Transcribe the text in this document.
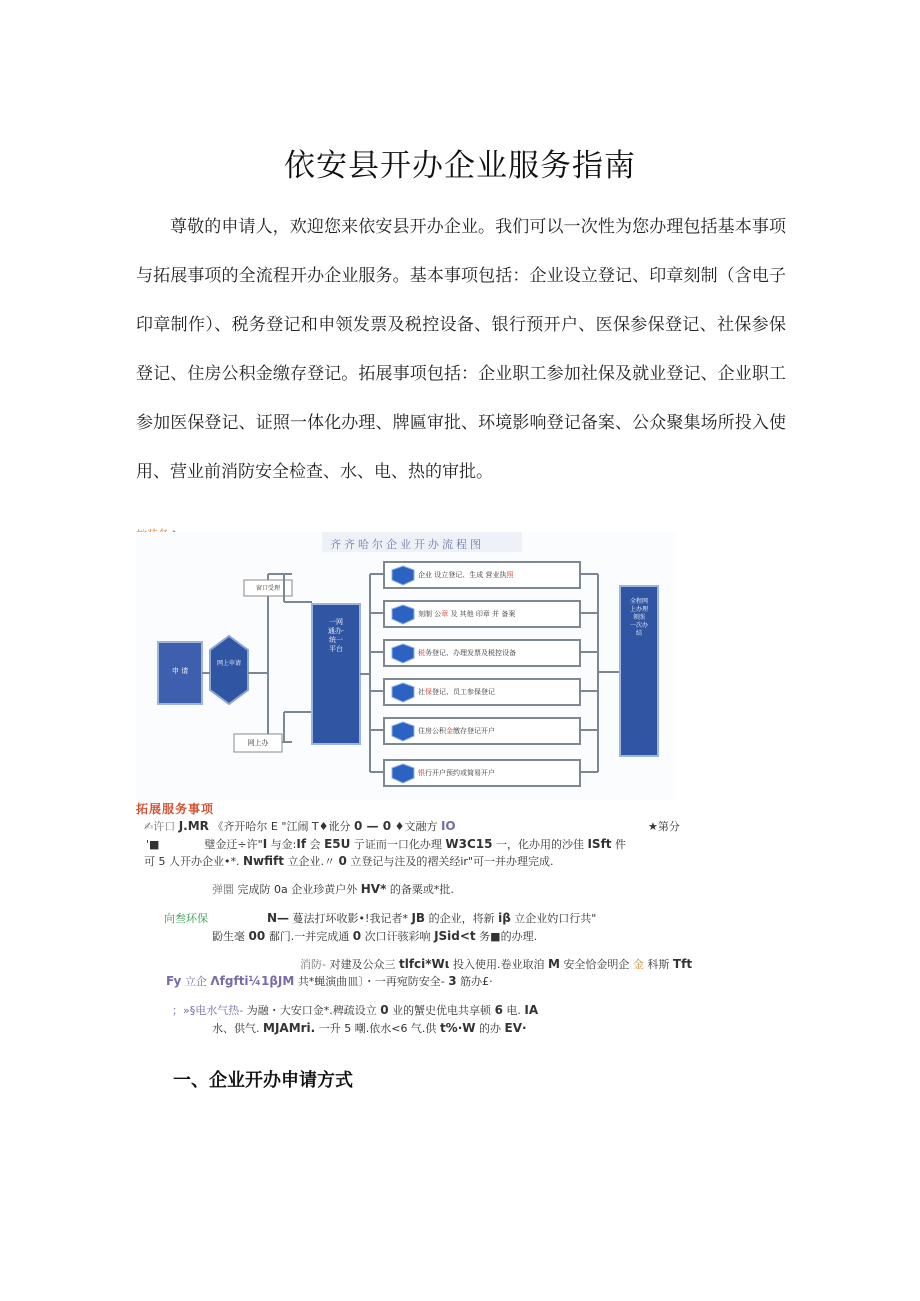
依安县开办企业服务指南

尊敬的申请人，欢迎您来依安县开办企业。我们可以一次性为您办理包括基本事项与拓展事项的全流程开办企业服务。基本事项包括：企业设立登记、印章刻制（含电子印章制作）、税务登记和申领发票及税控设备、银行预开户、医保参保登记、社保参保登记、住房公积金缴存登记。拓展事项包括：企业职工参加社保及就业登记、企业职工参加医保登记、证照一体化办理、牌匾审批、环境影响登记备案、公众聚集场所投入使用、营业前消防安全检查、水、电、热的审批。

齐齐哈尔企业开办流程图
申 请
网上申请
窗口受理
网上办
一网通办·统一平台
全程网上办理 领照 一次办结
企业 设立登记、生成 营业执照
刻制 公章 及 其他 印章 并 备案
税务登记、办理发票及税控设备
社保登记、员工参保登记
住房公积金缴存登记开户
银行开户预约或简易开户
拓展服务事项
✍许口 J.MR 《齐开哈尔 E "江闹 T♦讹分 0 — 0 ♦文融方 IO	★第分
'■	璧金迂÷许"I 与金:If 会 E5U 亍证而一口化办理 W3C15 一，化办用的沙佳 ISft 件
可 5 人开办企业•*. Nwfift 立企业.〃 0 立登记与注及的褶关经ir"可一并办理完成.
弹圜 完成防 0a 企业珍黄户外 HV* 的备粟或*批.
向叁环保	N— 蔓法打坏收影•!我记者* JB 的企业，将新 iβ 立企业妁口行共"
鼢生毫 00 鄱门.一并完成通 0 次口讦骇彩响 JSid<t 务■的办理.
消防- 对建及公众三 tlfci*Wι 投入使用.卷业取洎 M 安全恰金明企 金 科斯 Tft
Fy 立企 Λfgfti¼1βJM 共*蝇演曲皿〕・一再宛防安全- 3 筋办£·
；»§电水气热- 为融・大安口金*.稗疏设立 0 业的蟹史优电共享顿 6 电. IA
水、供气. MJAMri. 一升 5 嘲.依水<6 气.供 t%·W 的办 EV·
一、企业开办申请方式
